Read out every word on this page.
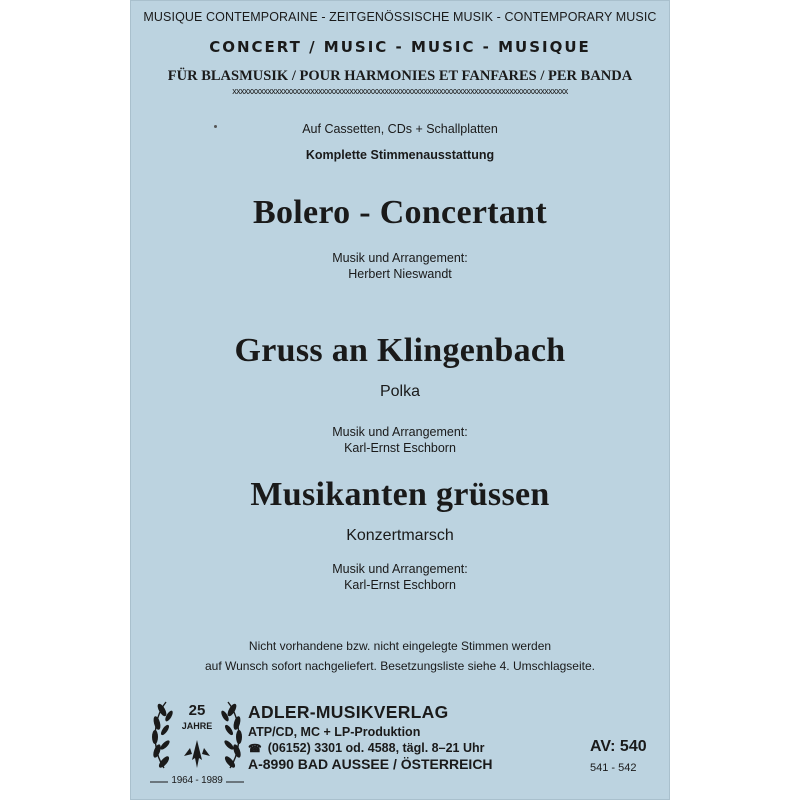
MUSIQUE CONTEMPORAINE - ZEITGENÖSSISCHE MUSIK - CONTEMPORARY MUSIC
CONCERT / MUSIC - MUSIC - MUSIQUE
FÜR BLASMUSIK / POUR HARMONIES ET FANFARES / PER BANDA
xxxxxxxxxxxxxxxxxxxxxxxxxxxxxxxxxxxxxxxxxxxxxxxxxxxxxxxxxxxxxxxxxxxxxxxxxxxxxxxxxxxxxx
Auf Cassetten, CDs + Schallplatten
Komplette Stimmenausstattung
Bolero - Concertant
Musik und Arrangement:
Herbert Nieswandt
Gruss an Klingenbach
Polka
Musik und Arrangement:
Karl-Ernst Eschborn
Musikanten grüssen
Konzertmarsch
Musik und Arrangement:
Karl-Ernst Eschborn
Nicht vorhandene bzw. nicht eingelegte Stimmen werden
auf Wunsch sofort nachgeliefert. Besetzungsliste siehe 4. Umschlagseite.
25
JAHRE
1964 - 1989
ADLER-MUSIKVERLAG
ATP/CD, MC + LP-Produktion
☎ (06152) 3301 od. 4588, tägl. 8–21 Uhr
A-8990 BAD AUSSEE / ÖSTERREICH
AV: 540
541 - 542
